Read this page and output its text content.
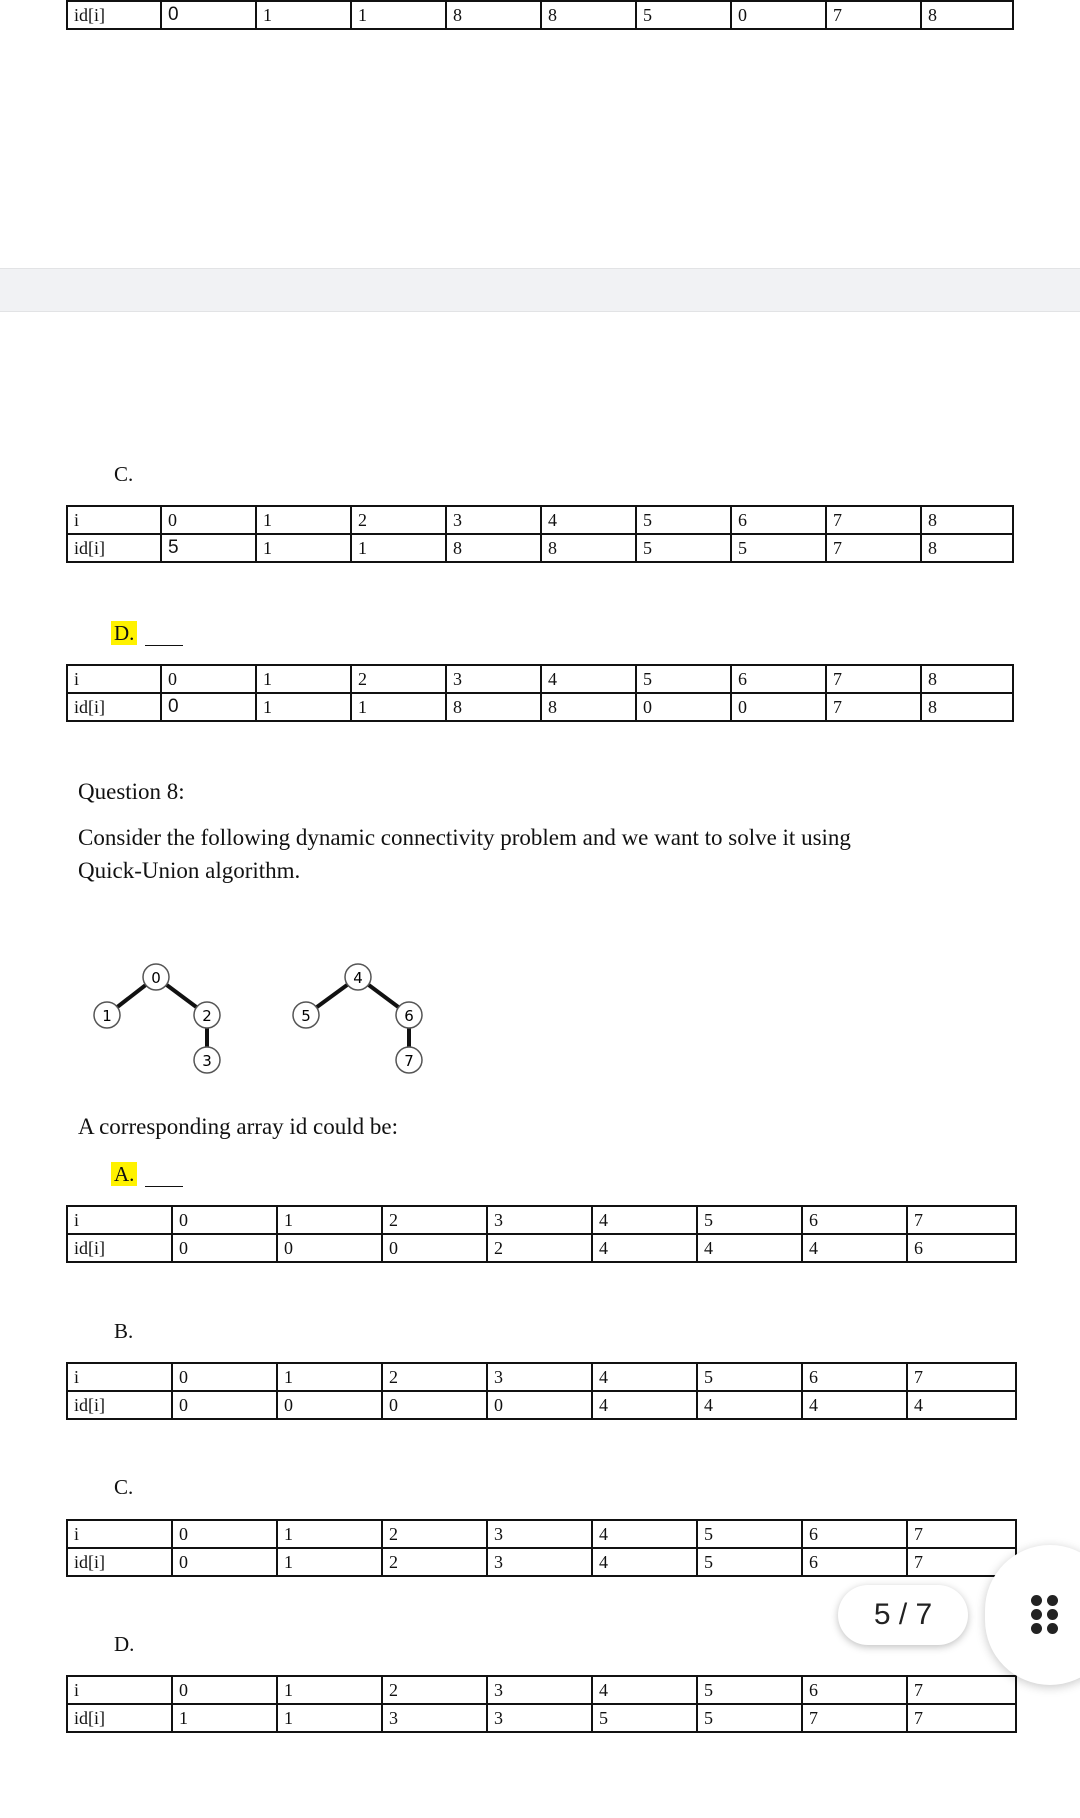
id[i]	0	1	1	8	8	5	0	7	8
C.
i	0	1	2	3	4	5	6	7	8
id[i]	5	1	1	8	8	5	5	7	8
D.
i	0	1	2	3	4	5	6	7	8
id[i]	0	1	1	8	8	0	0	7	8
Question 8:
Consider the following dynamic connectivity problem and we want to solve it using
Quick-Union algorithm.
0
1	2
3
4
5	6
7
A corresponding array id could be:
A.
i	0	1	2	3	4	5	6	7
id[i]	0	0	0	2	4	4	4	6
B.
i	0	1	2	3	4	5	6	7
id[i]	0	0	0	0	4	4	4	4
C.
i	0	1	2	3	4	5	6	7
id[i]	0	1	2	3	4	5	6	7
D.
i	0	1	2	3	4	5	6	7
id[i]	1	1	3	3	5	5	7	7
5 / 7
